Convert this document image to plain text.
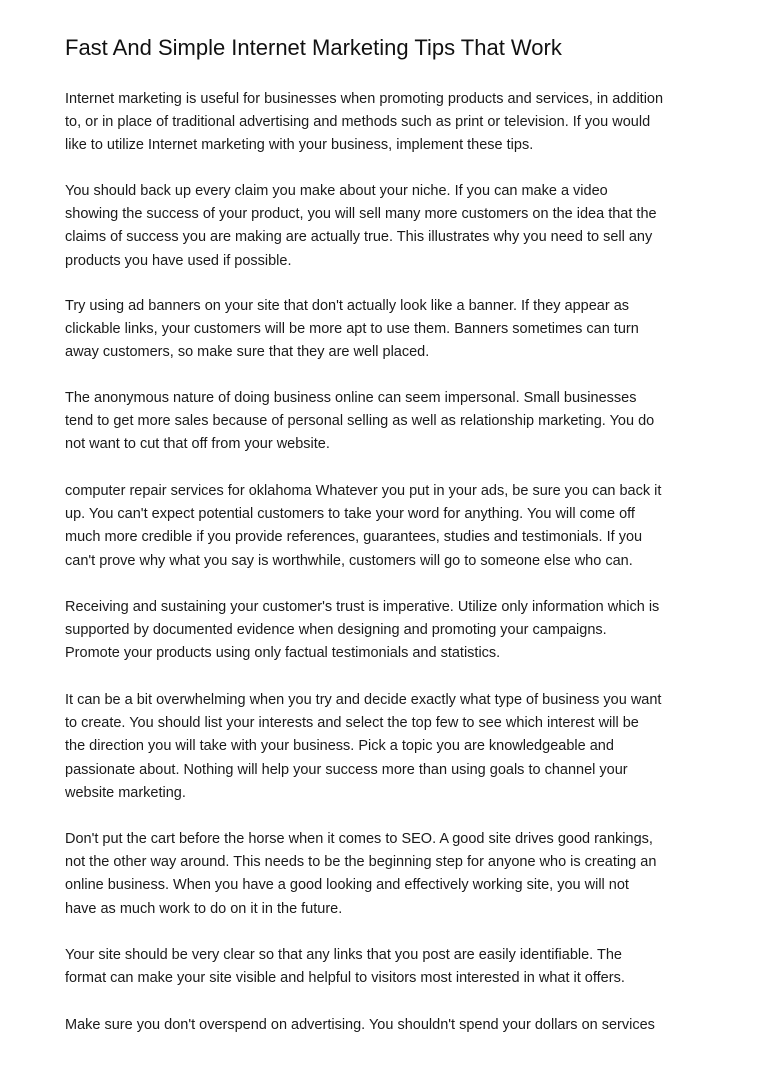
Fast And Simple Internet Marketing Tips That Work

Internet marketing is useful for businesses when promoting products and services, in addition
to, or in place of traditional advertising and methods such as print or television. If you would
like to utilize Internet marketing with your business, implement these tips.

You should back up every claim you make about your niche. If you can make a video
showing the success of your product, you will sell many more customers on the idea that the
claims of success you are making are actually true. This illustrates why you need to sell any
products you have used if possible.

Try using ad banners on your site that don't actually look like a banner. If they appear as
clickable links, your customers will be more apt to use them. Banners sometimes can turn
away customers, so make sure that they are well placed.

The anonymous nature of doing business online can seem impersonal. Small businesses
tend to get more sales because of personal selling as well as relationship marketing. You do
not want to cut that off from your website.

computer repair services for oklahoma Whatever you put in your ads, be sure you can back it
up. You can't expect potential customers to take your word for anything. You will come off
much more credible if you provide references, guarantees, studies and testimonials. If you
can't prove why what you say is worthwhile, customers will go to someone else who can.

Receiving and sustaining your customer's trust is imperative. Utilize only information which is
supported by documented evidence when designing and promoting your campaigns.
Promote your products using only factual testimonials and statistics.

It can be a bit overwhelming when you try and decide exactly what type of business you want
to create. You should list your interests and select the top few to see which interest will be
the direction you will take with your business. Pick a topic you are knowledgeable and
passionate about. Nothing will help your success more than using goals to channel your
website marketing.

Don't put the cart before the horse when it comes to SEO. A good site drives good rankings,
not the other way around. This needs to be the beginning step for anyone who is creating an
online business. When you have a good looking and effectively working site, you will not
have as much work to do on it in the future.

Your site should be very clear so that any links that you post are easily identifiable. The
format can make your site visible and helpful to visitors most interested in what it offers.

Make sure you don't overspend on advertising. You shouldn't spend your dollars on services
